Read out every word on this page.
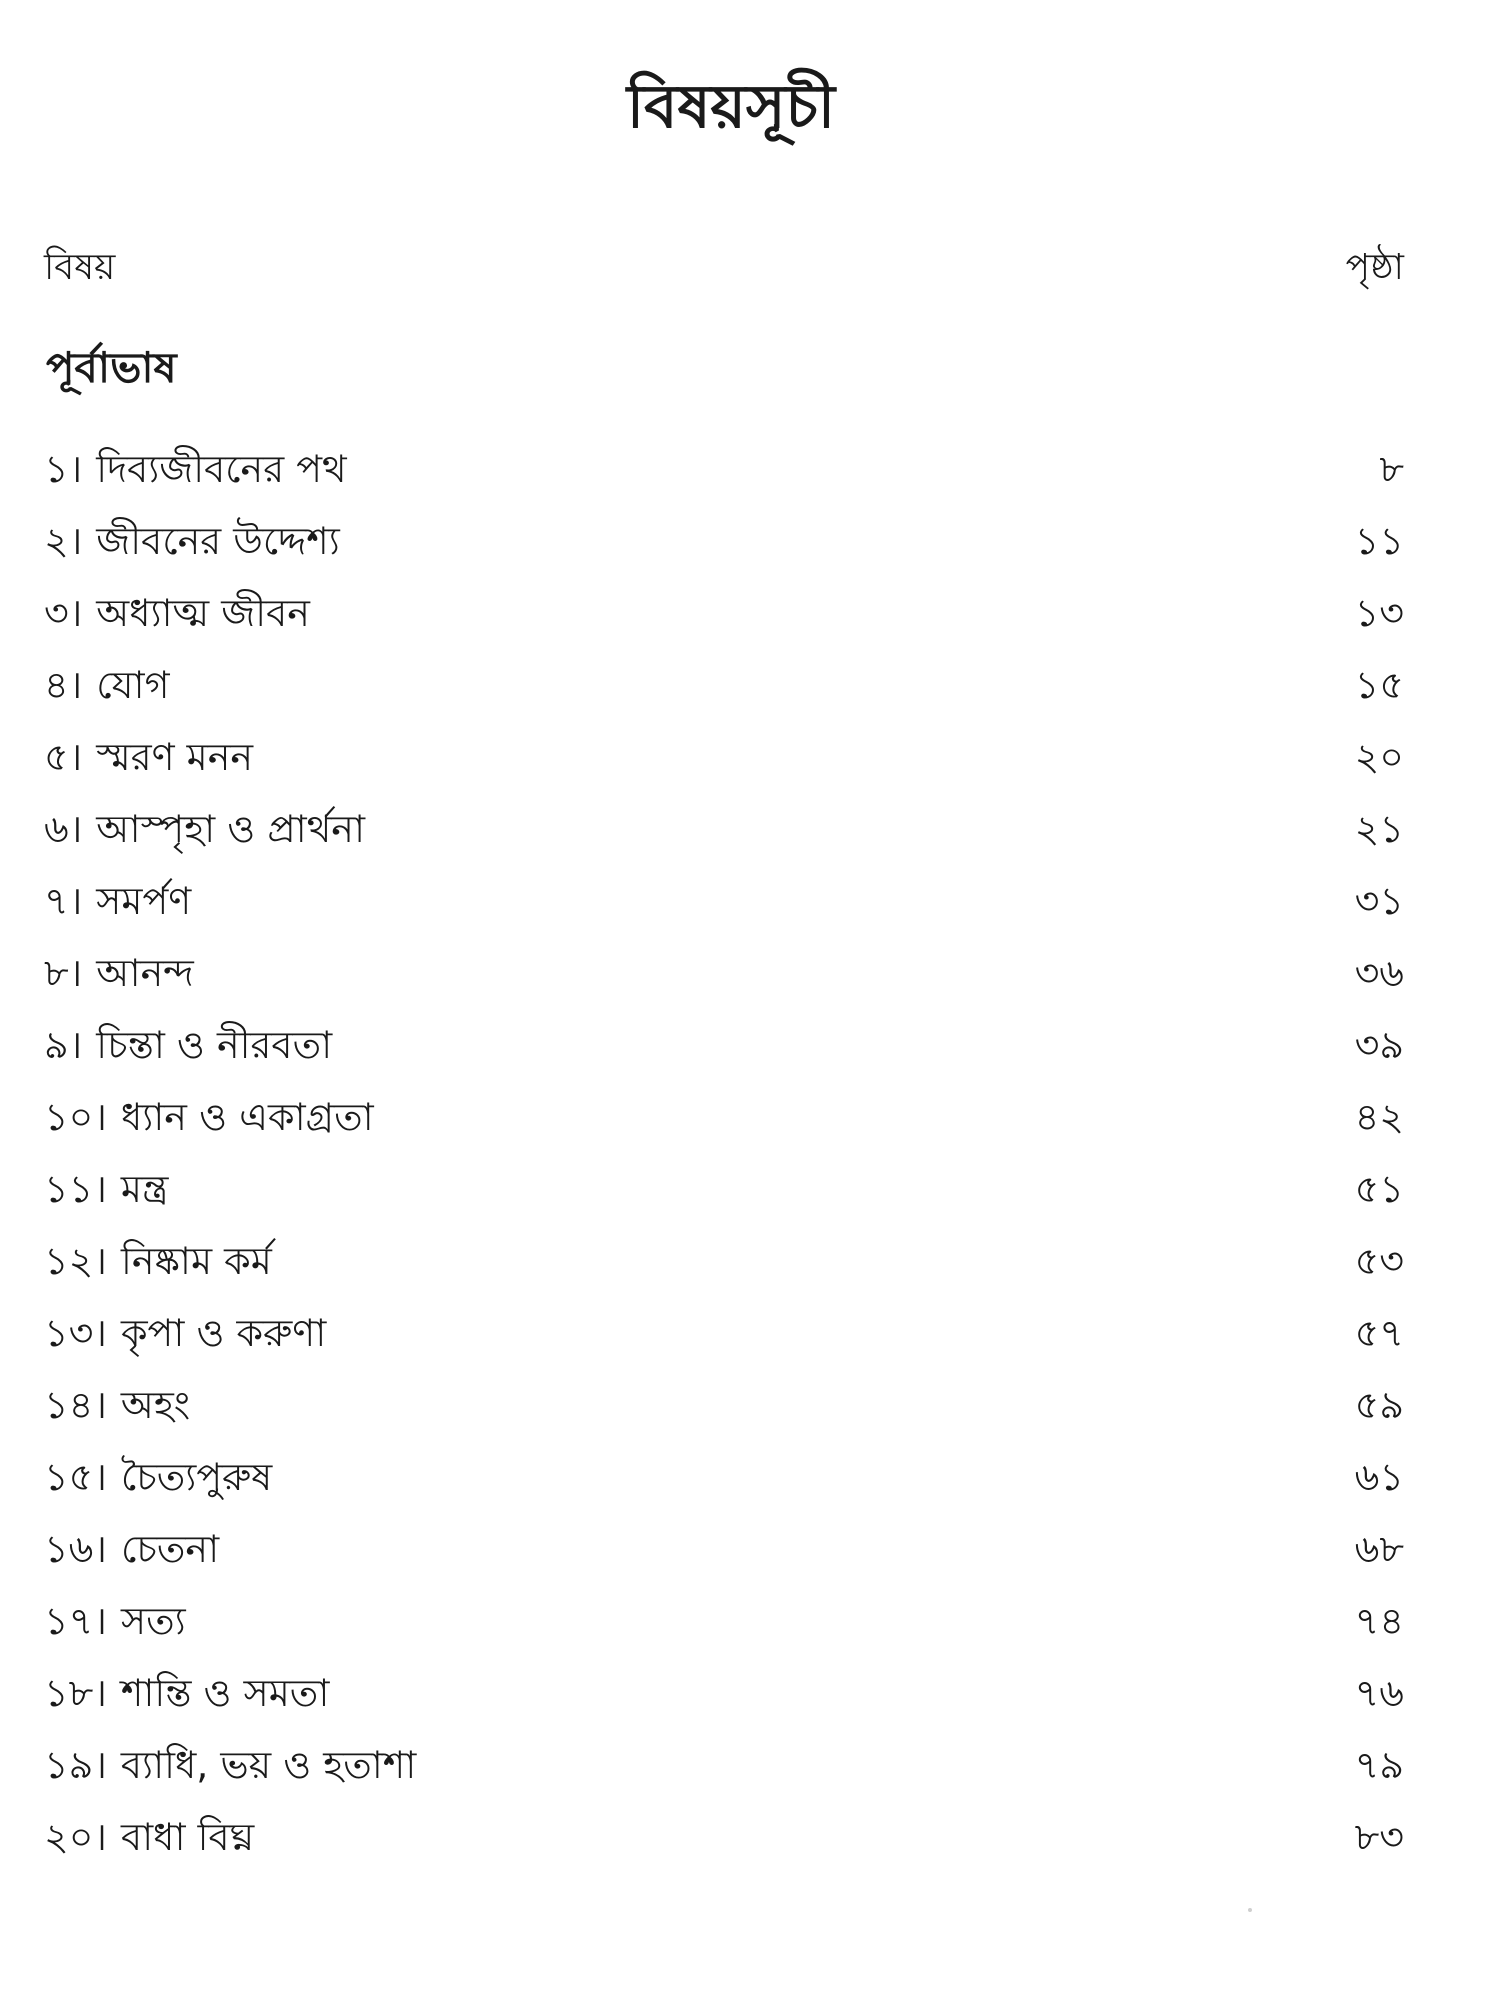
বিষয়সূচী
বিষয়	পৃষ্ঠা
পূর্বাভাষ
১। দিব্যজীবনের পথ	৮
২। জীবনের উদ্দেশ্য	১১
৩। অধ্যাত্ম জীবন	১৩
৪। যোগ	১৫
৫। স্মরণ মনন	২০
৬। আস্পৃহা ও প্রার্থনা	২১
৭। সমর্পণ	৩১
৮। আনন্দ	৩৬
৯। চিন্তা ও নীরবতা	৩৯
১০। ধ্যান ও একাগ্রতা	৪২
১১। মন্ত্র	৫১
১২। নিষ্কাম কর্ম	৫৩
১৩। কৃপা ও করুণা	৫৭
১৪। অহং	৫৯
১৫। চৈত্যপুরুষ	৬১
১৬। চেতনা	৬৮
১৭। সত্য	৭৪
১৮। শান্তি ও সমতা	৭৬
১৯। ব্যাধি, ভয় ও হতাশা	৭৯
২০। বাধা বিঘ্ন	৮৩
